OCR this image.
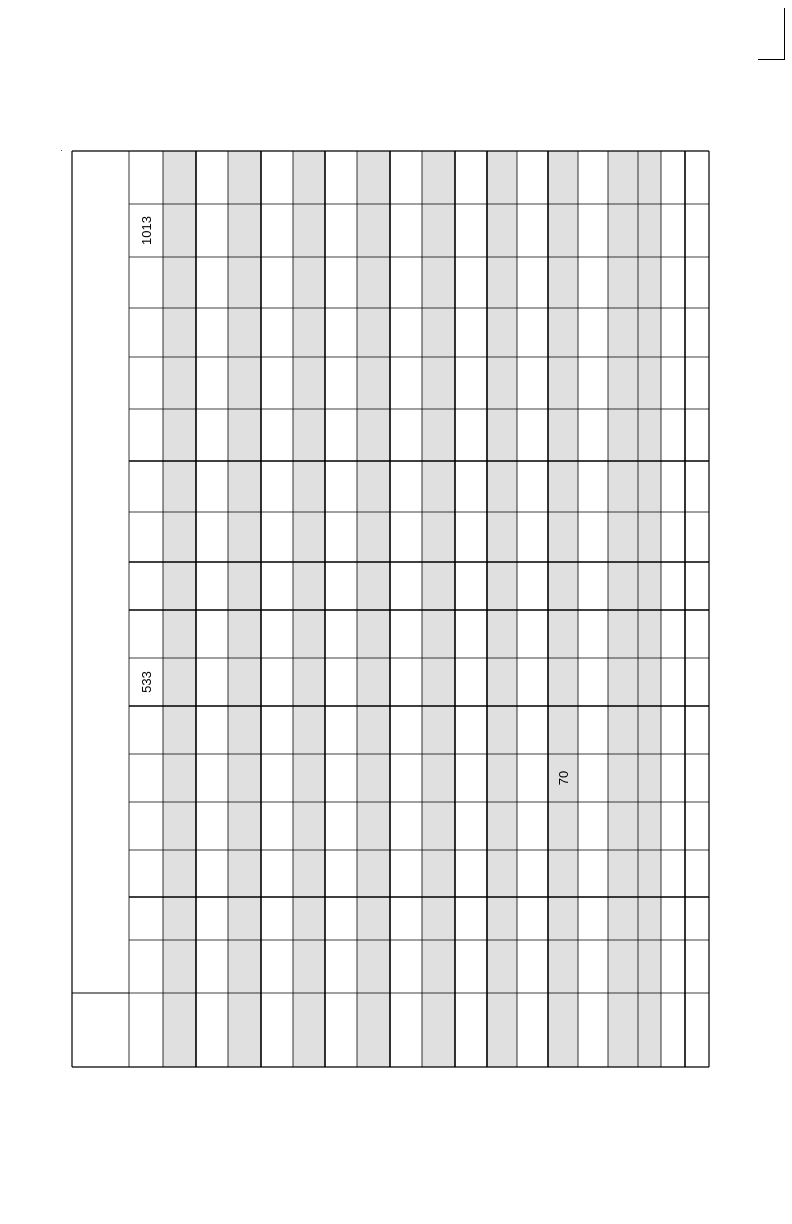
1013
533
70
